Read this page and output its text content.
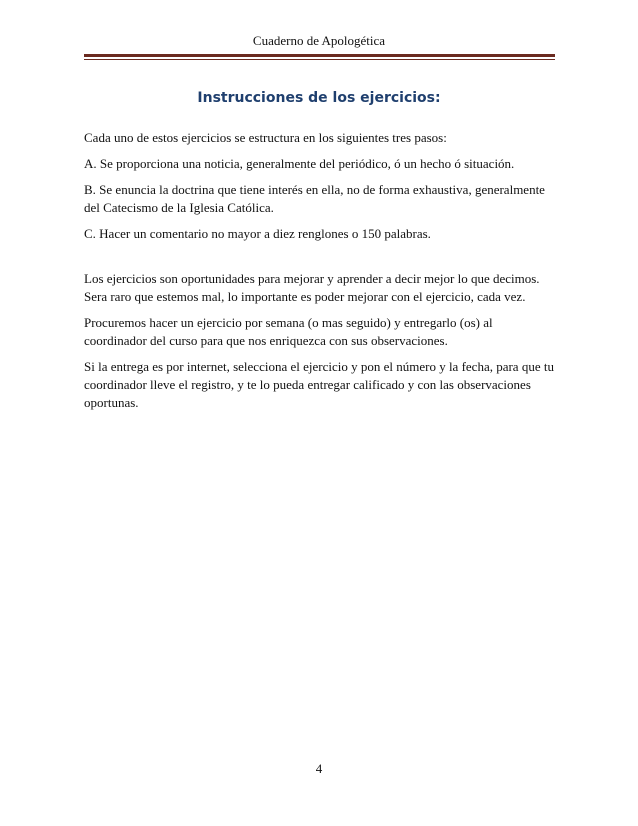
Cuaderno de Apologética
Instrucciones de los ejercicios:

Cada uno de estos ejercicios se estructura en los siguientes tres pasos:

A. Se proporciona una noticia, generalmente del periódico, ó un hecho ó situación.

B. Se enuncia la doctrina que tiene interés en ella, no de forma exhaustiva, generalmente del Catecismo de la Iglesia Católica.

C. Hacer un comentario no mayor a diez renglones o 150 palabras.

Los ejercicios son oportunidades para mejorar y aprender a decir mejor lo que decimos. Sera raro que estemos mal, lo importante es poder mejorar con el ejercicio, cada vez.

Procuremos hacer un ejercicio por semana (o mas seguido) y entregarlo (os) al coordinador del curso para que nos enriquezca con sus observaciones.

Si la entrega es por internet, selecciona el ejercicio y pon el número y la fecha, para que tu coordinador lleve el registro, y te lo pueda entregar calificado y con las observaciones oportunas.

4
